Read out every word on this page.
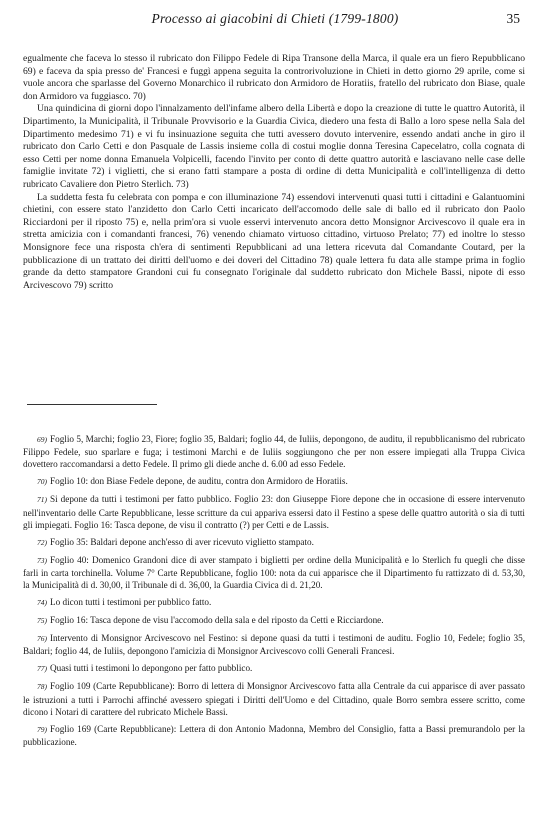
Processo ai giacobini di Chieti (1799-1800)	35

egualmente che faceva lo stesso il rubricato don Filippo Fedele di Ripa Transone della Marca, il quale era un fiero Repubblicano 69) e faceva da spia presso de' Francesi e fuggì appena seguita la controrivoluzione in Chieti in detto giorno 29 aprile, come si vuole ancora che sparlasse del Governo Monarchico il rubricato don Armidoro de Horatiis, fratello del rubricato don Biase, quale don Armidoro va fuggiasco. 70)

Una quindicina di giorni dopo l'innalzamento dell'infame albero della Libertà e dopo la creazione di tutte le quattro Autorità, il Dipartimento, la Municipalità, il Tribunale Provvisorio e la Guardia Civica, diedero una festa di Ballo a loro spese nella Sala del Dipartimento medesimo 71) e vi fu insinuazione seguita che tutti avessero dovuto intervenire, essendo andati anche in giro il rubricato don Carlo Cetti e don Pasquale de Lassis insieme colla di costui moglie donna Teresina Capecelatro, colla cognata di esso Cetti per nome donna Emanuela Volpicelli, facendo l'invito per conto di dette quattro autorità e lasciavano nelle case delle famiglie invitate 72) i viglietti, che si erano fatti stampare a posta di ordine di detta Municipalità e coll'intelligenza di detto rubricato Cavaliere don Pietro Sterlich. 73)

La suddetta festa fu celebrata con pompa e con illuminazione 74) essendovi intervenuti quasi tutti i cittadini e Galantuomini chietini, con essere stato l'anzidetto don Carlo Cetti incaricato dell'accomodo delle sale di ballo ed il rubricato don Paolo Ricciardoni per il riposto 75) e, nella prim'ora si vuole esservi intervenuto ancora detto Monsignor Arcivescovo il quale era in stretta amicizia con i comandanti francesi, 76) venendo chiamato virtuoso cittadino, virtuoso Prelato; 77) ed inoltre lo stesso Monsignore fece una risposta ch'era di sentimenti Repubblicani ad una lettera ricevuta dal Comandante Coutard, per la pubblicazione di un trattato dei diritti dell'uomo e dei doveri del Cittadino 78) quale lettera fu data alle stampe prima in foglio grande da detto stampatore Grandoni cui fu consegnato l'originale dal suddetto rubricato don Michele Bassi, nipote di esso Arcivescovo 79) scritto

69) Foglio 5, Marchi; foglio 23, Fiore; foglio 35, Baldari; foglio 44, de Iuliis, depongono, de auditu, il repubblicanismo del rubricato Filippo Fedele, suo sparlare e fuga; i testimoni Marchi e de Iuliis soggiungono che per non essere impiegati alla Truppa Civica dovettero raccomandarsi a detto Fedele. Il primo gli diede anche d. 6.00 ad esso Fedele.

70) Foglio 10: don Biase Fedele depone, de auditu, contra don Armidoro de Horatiis.

71) Si depone da tutti i testimoni per fatto pubblico. Foglio 23: don Giuseppe Fiore depone che in occasione di essere intervenuto nell'inventario delle Carte Repubblicane, lesse scritture da cui appariva essersi dato il Festino a spese delle quattro autorità o sia di tutti gli impiegati. Foglio 16: Tasca depone, de visu il contratto (?) per Cetti e de Lassis.

72) Foglio 35: Baldari depone anch'esso di aver ricevuto viglietto stampato.

73) Foglio 40: Domenico Grandoni dice di aver stampato i biglietti per ordine della Municipalità e lo Sterlich fu quegli che disse farli in carta torchinella. Volume 7° Carte Repubblicane, foglio 100: nota da cui apparisce che il Dipartimento fu rattizzato di d. 53,30, la Municipalità di d. 30,00, il Tribunale di d. 36,00, la Guardia Civica di d. 21,20.

74) Lo dicon tutti i testimoni per pubblico fatto.

75) Foglio 16: Tasca depone de visu l'accomodo della sala e del riposto da Cetti e Ricciardone.

76) Intervento di Monsignor Arcivescovo nel Festino: si depone quasi da tutti i testimoni de auditu. Foglio 10, Fedele; foglio 35, Baldari; foglio 44, de Iuliis, depongono l'amicizia di Monsignor Arcivescovo colli Generali Francesi.

77) Quasi tutti i testimoni lo depongono per fatto pubblico.

78) Foglio 109 (Carte Repubblicane): Borro di lettera di Monsignor Arcivescovo fatta alla Centrale da cui apparisce di aver passato le istruzioni a tutti i Parrochi affinché avessero spiegati i Diritti dell'Uomo e del Cittadino, quale Borro sembra essere scritto, come dicono i Notari di carattere del rubricato Michele Bassi.

79) Foglio 169 (Carte Repubblicane): Lettera di don Antonio Madonna, Membro del Consiglio, fatta a Bassi premurandolo per la pubblicazione.
